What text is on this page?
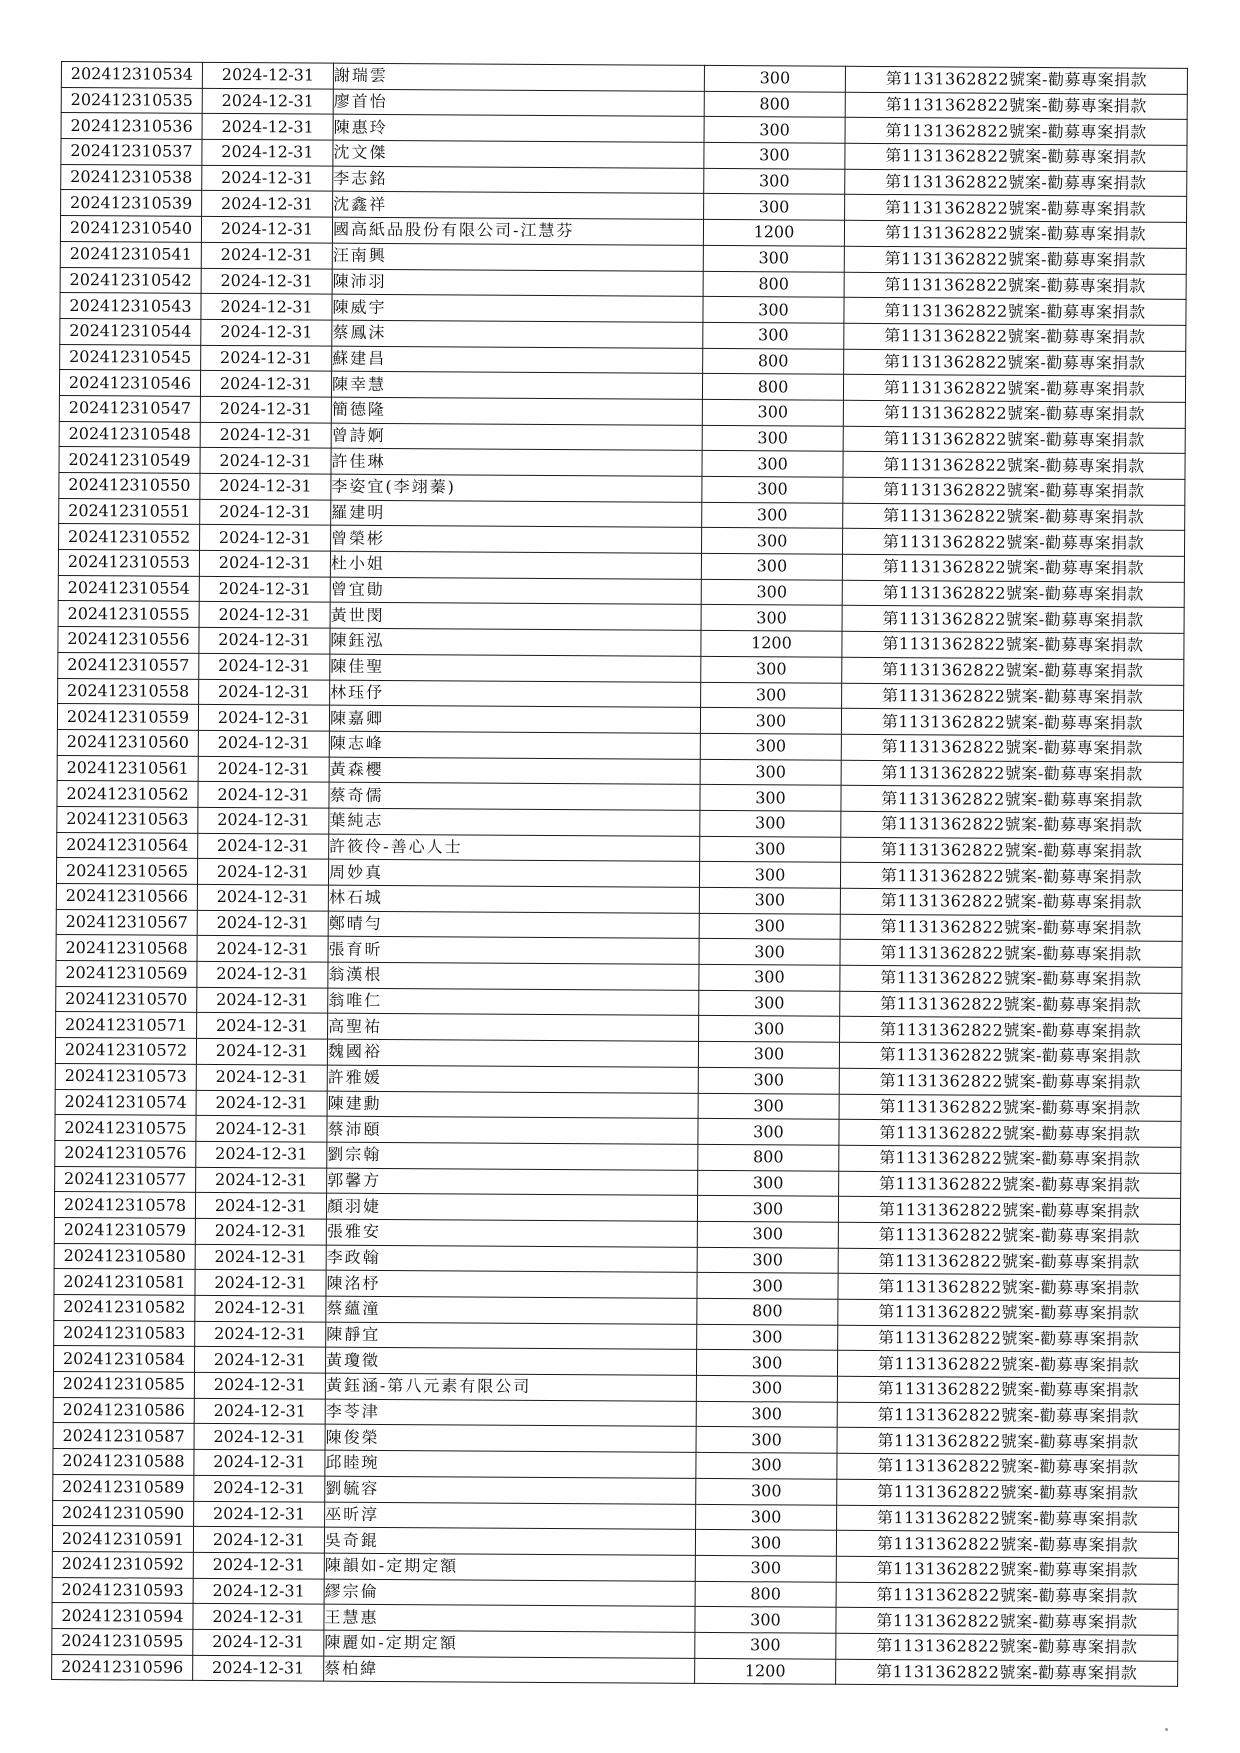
202412310534	2024-12-31	謝瑞雲	300	第1131362822號案-勸募專案捐款
202412310535	2024-12-31	廖首怡	800	第1131362822號案-勸募專案捐款
202412310536	2024-12-31	陳惠玲	300	第1131362822號案-勸募專案捐款
202412310537	2024-12-31	沈文傑	300	第1131362822號案-勸募專案捐款
202412310538	2024-12-31	李志銘	300	第1131362822號案-勸募專案捐款
202412310539	2024-12-31	沈鑫祥	300	第1131362822號案-勸募專案捐款
202412310540	2024-12-31	國高紙品股份有限公司-江慧芬	1200	第1131362822號案-勸募專案捐款
202412310541	2024-12-31	汪南興	300	第1131362822號案-勸募專案捐款
202412310542	2024-12-31	陳沛羽	800	第1131362822號案-勸募專案捐款
202412310543	2024-12-31	陳威宇	300	第1131362822號案-勸募專案捐款
202412310544	2024-12-31	蔡鳳沫	300	第1131362822號案-勸募專案捐款
202412310545	2024-12-31	蘇建昌	800	第1131362822號案-勸募專案捐款
202412310546	2024-12-31	陳幸慧	800	第1131362822號案-勸募專案捐款
202412310547	2024-12-31	簡德隆	300	第1131362822號案-勸募專案捐款
202412310548	2024-12-31	曾詩婀	300	第1131362822號案-勸募專案捐款
202412310549	2024-12-31	許佳琳	300	第1131362822號案-勸募專案捐款
202412310550	2024-12-31	李姿宜(李翊蓁)	300	第1131362822號案-勸募專案捐款
202412310551	2024-12-31	羅建明	300	第1131362822號案-勸募專案捐款
202412310552	2024-12-31	曾榮彬	300	第1131362822號案-勸募專案捐款
202412310553	2024-12-31	杜小姐	300	第1131362822號案-勸募專案捐款
202412310554	2024-12-31	曾宜勛	300	第1131362822號案-勸募專案捐款
202412310555	2024-12-31	黃世閔	300	第1131362822號案-勸募專案捐款
202412310556	2024-12-31	陳鈺泓	1200	第1131362822號案-勸募專案捐款
202412310557	2024-12-31	陳佳聖	300	第1131362822號案-勸募專案捐款
202412310558	2024-12-31	林珏伃	300	第1131362822號案-勸募專案捐款
202412310559	2024-12-31	陳嘉卿	300	第1131362822號案-勸募專案捐款
202412310560	2024-12-31	陳志峰	300	第1131362822號案-勸募專案捐款
202412310561	2024-12-31	黃森櫻	300	第1131362822號案-勸募專案捐款
202412310562	2024-12-31	蔡奇儒	300	第1131362822號案-勸募專案捐款
202412310563	2024-12-31	葉純志	300	第1131362822號案-勸募專案捐款
202412310564	2024-12-31	許筱伶-善心人士	300	第1131362822號案-勸募專案捐款
202412310565	2024-12-31	周妙真	300	第1131362822號案-勸募專案捐款
202412310566	2024-12-31	林石城	300	第1131362822號案-勸募專案捐款
202412310567	2024-12-31	鄭晴勻	300	第1131362822號案-勸募專案捐款
202412310568	2024-12-31	張育昕	300	第1131362822號案-勸募專案捐款
202412310569	2024-12-31	翁漢根	300	第1131362822號案-勸募專案捐款
202412310570	2024-12-31	翁唯仁	300	第1131362822號案-勸募專案捐款
202412310571	2024-12-31	高聖祐	300	第1131362822號案-勸募專案捐款
202412310572	2024-12-31	魏國裕	300	第1131362822號案-勸募專案捐款
202412310573	2024-12-31	許雅媛	300	第1131362822號案-勸募專案捐款
202412310574	2024-12-31	陳建勳	300	第1131362822號案-勸募專案捐款
202412310575	2024-12-31	蔡沛頤	300	第1131362822號案-勸募專案捐款
202412310576	2024-12-31	劉宗翰	800	第1131362822號案-勸募專案捐款
202412310577	2024-12-31	郭馨方	300	第1131362822號案-勸募專案捐款
202412310578	2024-12-31	顏羽婕	300	第1131362822號案-勸募專案捐款
202412310579	2024-12-31	張雅安	300	第1131362822號案-勸募專案捐款
202412310580	2024-12-31	李政翰	300	第1131362822號案-勸募專案捐款
202412310581	2024-12-31	陳洺杼	300	第1131362822號案-勸募專案捐款
202412310582	2024-12-31	蔡蘊潼	800	第1131362822號案-勸募專案捐款
202412310583	2024-12-31	陳靜宜	300	第1131362822號案-勸募專案捐款
202412310584	2024-12-31	黃瓊徵	300	第1131362822號案-勸募專案捐款
202412310585	2024-12-31	黃鈺涵-第八元素有限公司	300	第1131362822號案-勸募專案捐款
202412310586	2024-12-31	李苓津	300	第1131362822號案-勸募專案捐款
202412310587	2024-12-31	陳俊榮	300	第1131362822號案-勸募專案捐款
202412310588	2024-12-31	邱睦琬	300	第1131362822號案-勸募專案捐款
202412310589	2024-12-31	劉毓容	300	第1131362822號案-勸募專案捐款
202412310590	2024-12-31	巫昕淳	300	第1131362822號案-勸募專案捐款
202412310591	2024-12-31	吳奇錕	300	第1131362822號案-勸募專案捐款
202412310592	2024-12-31	陳韻如-定期定額	300	第1131362822號案-勸募專案捐款
202412310593	2024-12-31	繆宗倫	800	第1131362822號案-勸募專案捐款
202412310594	2024-12-31	王慧惠	300	第1131362822號案-勸募專案捐款
202412310595	2024-12-31	陳麗如-定期定額	300	第1131362822號案-勸募專案捐款
202412310596	2024-12-31	蔡柏緯	1200	第1131362822號案-勸募專案捐款
